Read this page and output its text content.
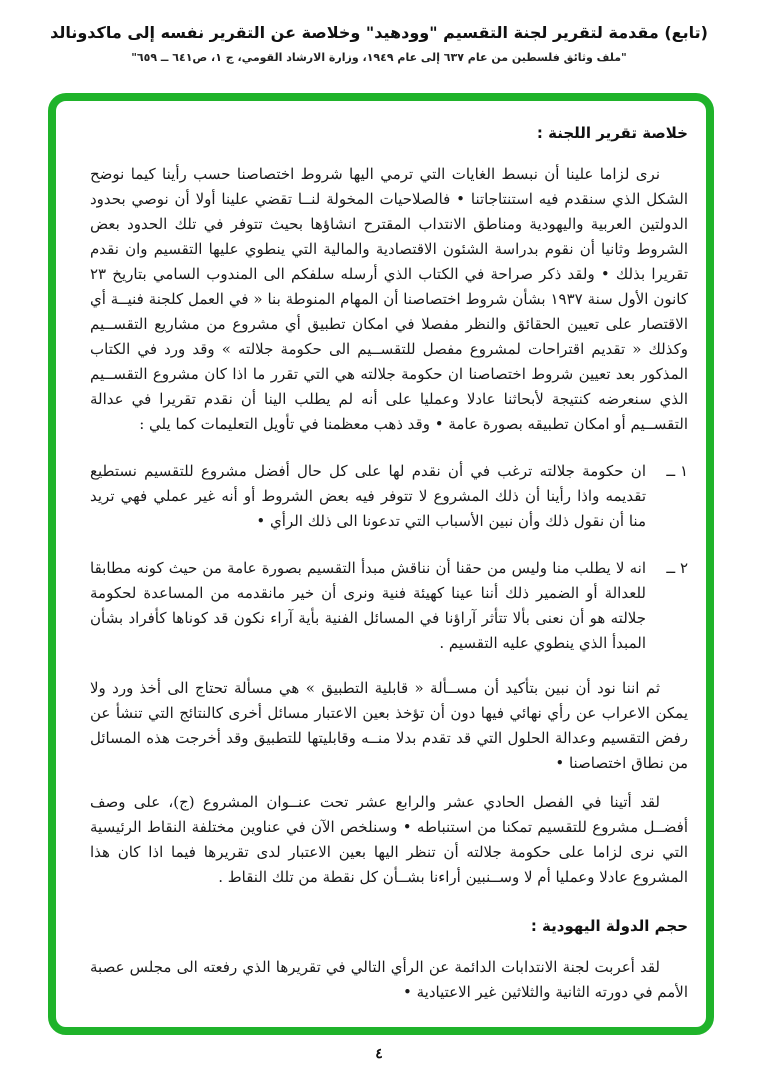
(تابع) مقدمة لتقرير لجنة التقسيم "وودهيد" وخلاصة عن التقرير نفسه إلى ماكدونالد
"ملف وثائق فلسطين من عام ٦٣٧ إلى عام ١٩٤٩، وزارة الارشاد القومي، ج ١، ص٦٤١ ــ ٦٥٩"
خلاصة تقرير اللجنة :

نرى لزاما علينا أن نبسط الغايات التي ترمي اليها شروط اختصاصنا حسب رأينا كيما نوضح الشكل الذي سنقدم فيه استنتاجاتنا • فالصلاحيات المخولة لنــا تقضي علينا أولا أن نوصي بحدود الدولتين العربية واليهودية ومناطق الانتداب المقترح انشاؤها بحيث تتوفر في تلك الحدود بعض الشروط وثانيا أن نقوم بدراسة الشئون الاقتصادية والمالية التي ينطوي عليها التقسيم وان نقدم تقريرا بذلك • ولقد ذكر صراحة في الكتاب الذي أرسله سلفكم الى المندوب السامي بتاريخ ٢٣ كانون الأول سنة ١٩٣٧ بشأن شروط اختصاصنا أن المهام المنوطة بنا « في العمل كلجنة فنيــة أي الاقتصار على تعيين الحقائق والنظر مفصلا في امكان تطبيق أي مشروع من مشاريع التقســيم وكذلك « تقديم اقتراحات لمشروع مفصل للتقســيم الى حكومة جلالته » وقد ورد في الكتاب المذكور بعد تعيين شروط اختصاصنا ان حكومة جلالته هي التي تقرر ما اذا كان مشروع التقســيم الذي سنعرضه كنتيجة لأبحاثنا عادلا وعمليا على أنه لم يطلب الينا أن نقدم تقريرا في عدالة التقســيم أو امكان تطبيقه بصورة عامة • وقد ذهب معظمنا في تأويل التعليمات كما يلي :

١ ــ
ان حكومة جلالته ترغب في أن نقدم لها على كل حال أفضل مشروع للتقسيم نستطيع تقديمه واذا رأينا أن ذلك المشروع لا تتوفر فيه بعض الشروط أو أنه غير عملي فهي تريد منا أن نقول ذلك وأن نبين الأسباب التي تدعونا الى ذلك الرأي •
٢ ــ
انه لا يطلب منا وليس من حقنا أن نناقش مبدأ التقسيم بصورة عامة من حيث كونه مطابقا للعدالة أو الضمير ذلك أننا عينا كهيئة فنية ونرى أن خير مانقدمه من المساعدة لحكومة جلالته هو أن نعنى بألا تتأثر آراؤنا في المسائل الفنية بأية آراء نكون قد كوناها كأفراد بشأن المبدأ الذي ينطوي عليه التقسيم .

ثم اننا نود أن نبين بتأكيد أن مســألة « قابلية التطبيق » هي مسألة تحتاج الى أخذ ورد ولا يمكن الاعراب عن رأي نهائي فيها دون أن تؤخذ بعين الاعتبار مسائل أخرى كالنتائج التي تنشأ عن رفض التقسيم وعدالة الحلول التي قد تقدم بدلا منــه وقابليتها للتطبيق وقد أخرجت هذه المسائل من نطاق اختصاصنا •

لقد أتينا في الفصل الحادي عشر والرابع عشر تحت عنــوان المشروع (ج)، على وصف أفضــل مشروع للتقسيم تمكنا من استنباطه • وسنلخص الآن في عناوين مختلفة النقاط الرئيسية التي نرى لزاما على حكومة جلالته أن تنظر اليها بعين الاعتبار لدى تقريرها فيما اذا كان هذا المشروع عادلا وعمليا أم لا وســنبين أراءنا بشــأن كل نقطة من تلك النقاط .

حجم الدولة اليهودية :

لقد أعربت لجنة الانتدابات الدائمة عن الرأي التالي في تقريرها الذي رفعته الى مجلس عصبة الأمم في دورته الثانية والثلاثين غير الاعتيادية •

٤
